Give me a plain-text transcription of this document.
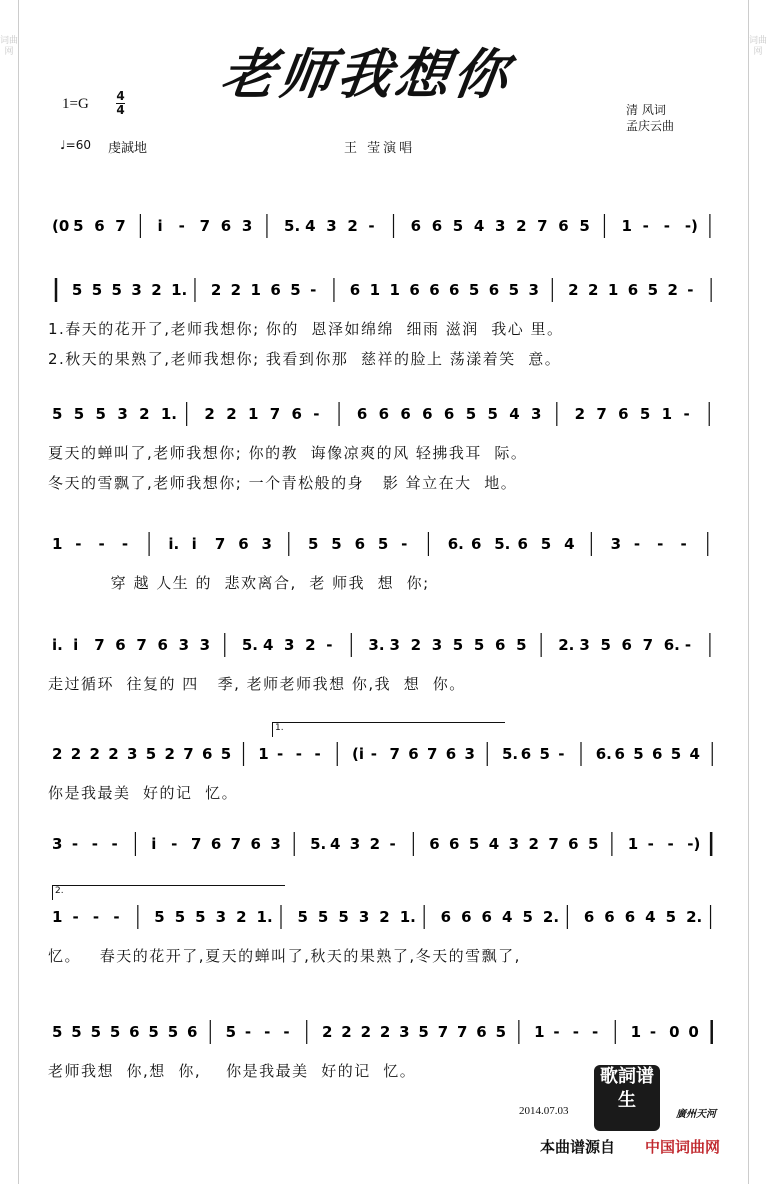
词曲网
词曲网
老师我想你
1=G 4
4
♩=60 虔誠地	王 莹演唱
清 风词
孟庆云曲
(0 5 6 7 i - 7 6 3 5. 4 3 2 - 6 6 5 4 3 2 7 6 5 1 - - -)
5 5 5 3 2 1. 2 2 1 6 5 - 6 1 1 6 6 6 5 6 5 3 2 2 1 6 5 2 -
1.春天的花开了,老师我想你; 你的  恩泽如绵绵  细雨 滋润  我心 里。
2.秋天的果熟了,老师我想你; 我看到你那  慈祥的脸上 荡漾着笑  意。
5 5 5 3 2 1. 2 2 1 7 6 - 6 6 6 6 6 5 5 4 3 2 7 6 5 1 -
夏天的蝉叫了,老师我想你; 你的教  诲像凉爽的风 轻拂我耳  际。
冬天的雪飘了,老师我想你; 一个青松般的身   影 耸立在大  地。
1 - - -	i. i 7 6 3 5 5 6 5 -	6. 6 5. 6 5 4 3 - - -
穿 越 人生 的  悲欢离合,  老 师我  想  你;
i. i 7 6 7 6 3 3 5. 4 3 2 - 3. 3 2 3 5 5 6 5 2. 3 5 6 7 6. -
走过循环  往复的 四   季, 老师老师我想 你,我  想  你。
2 2 2 2 3 5 2 7 6 5 1 - - - (i - 7 6 7 6 3 5. 6 5 - 6. 6 5 6 5 4
你是我最美  好的记  忆。
3 - - - i - 7 6 7 6 3 5. 4 3 2 - 6 6 5 4 3 2 7 6 5 1 - - -)
1 - - - 5 5 5 3 2 1. 5 5 5 3 2 1. 6 6 6 4 5 2. 6 6 6 4 5 2.
忆。   春天的花开了,夏天的蝉叫了,秋天的果熟了,冬天的雪飘了,
5 5 5 5 6 5 5 6 5 - - - 2 2 2 2 3 5 7 7 6 5 1 - - - 1 - 0 0
老师我想  你,想  你,    你是我最美  好的记  忆。	歌詞谱生
2014.07.03	廣州天河
本曲谱源自 中国词曲网
1.
2.
